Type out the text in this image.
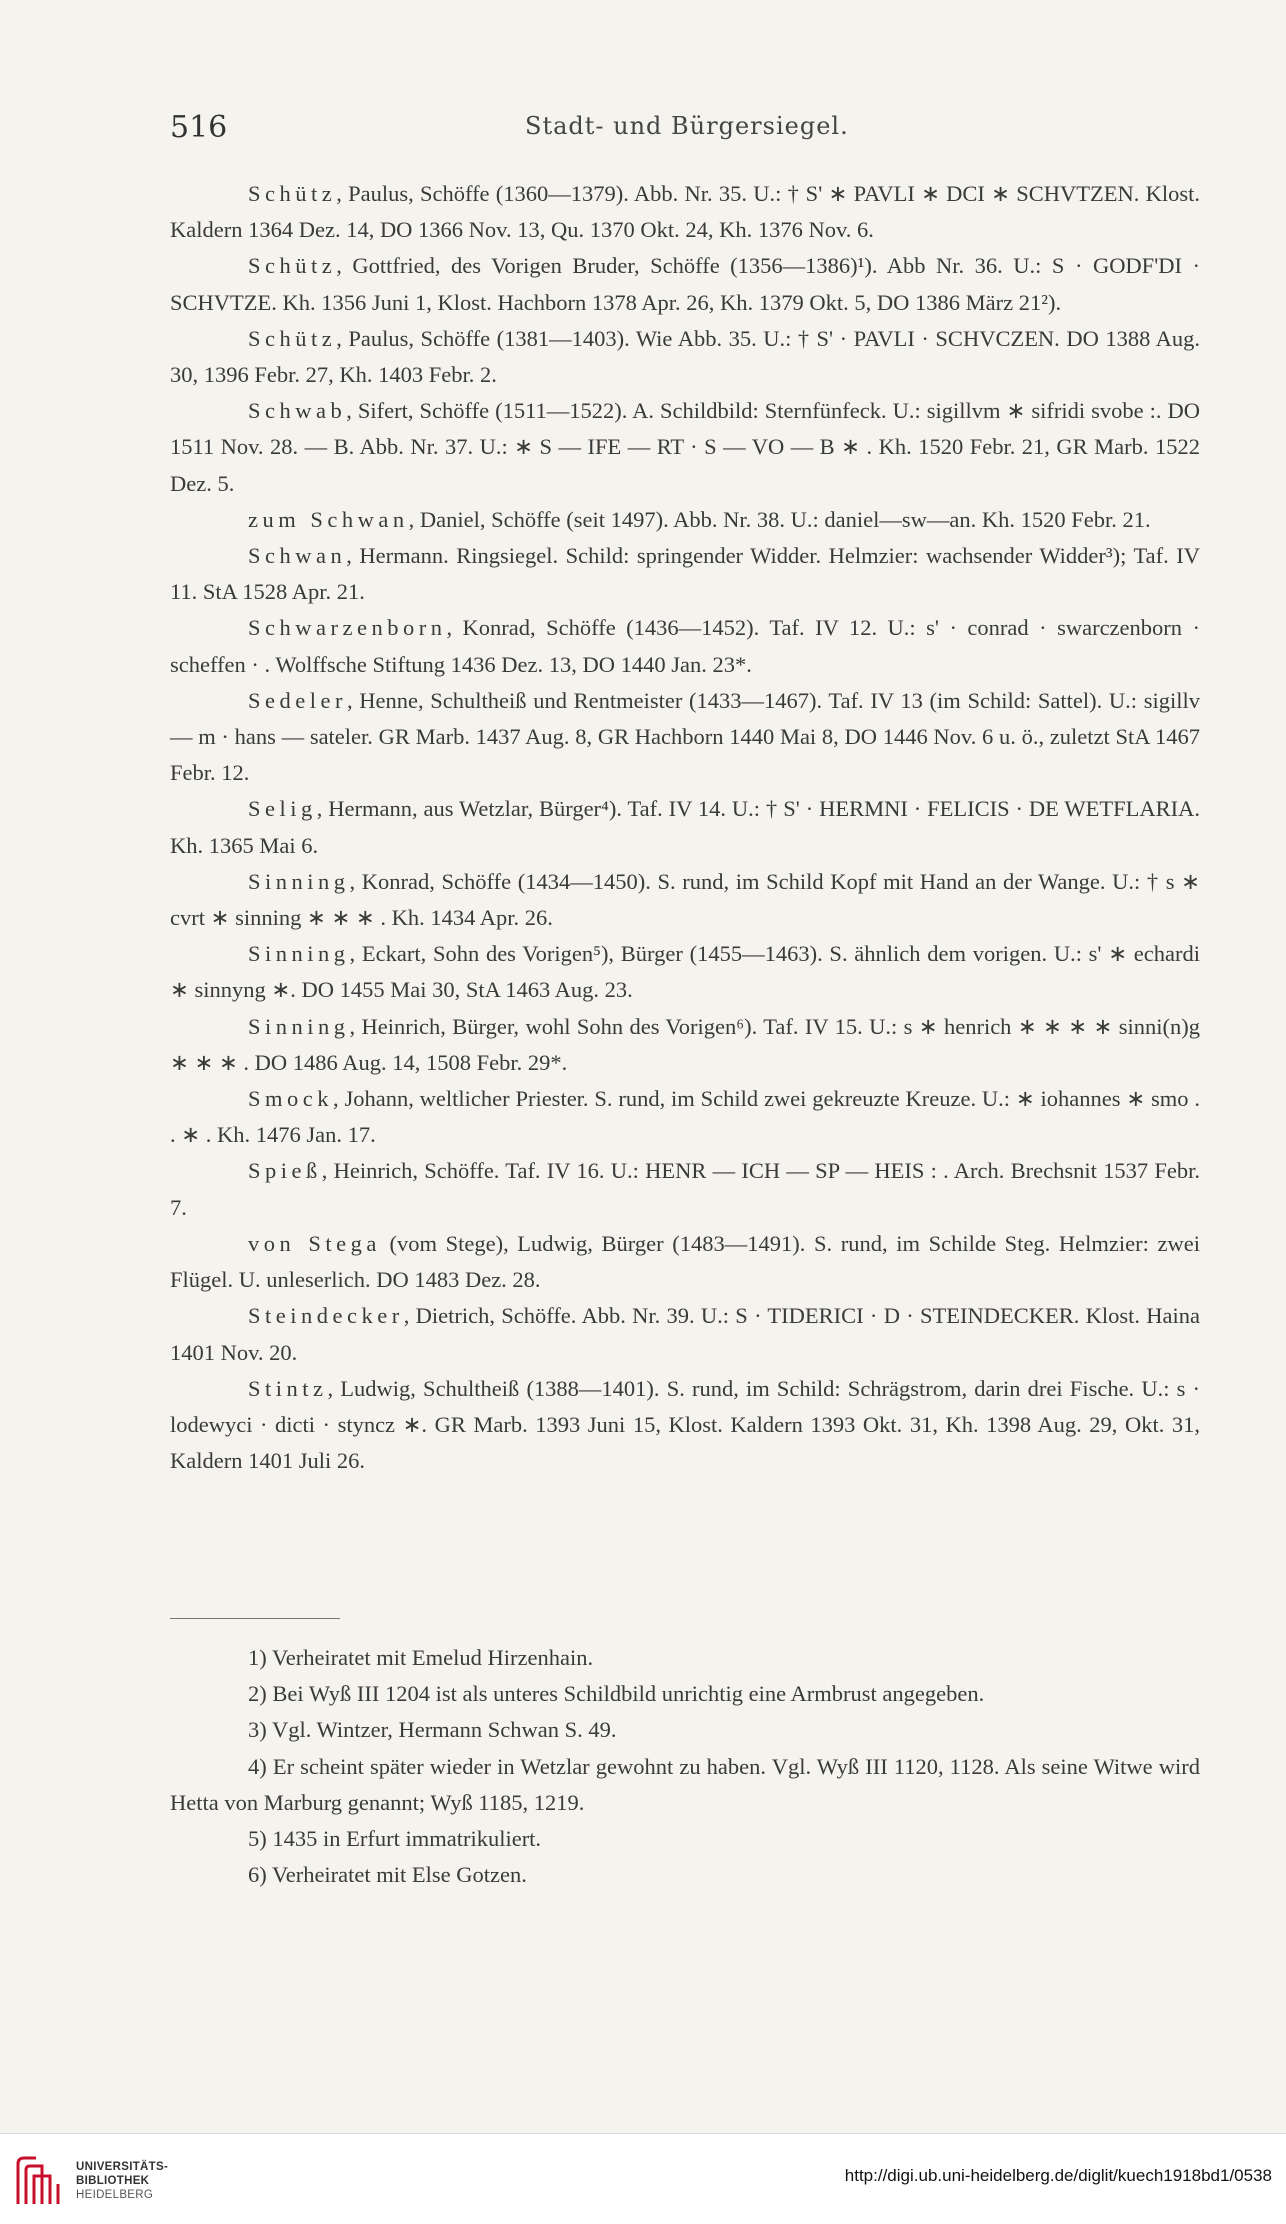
516	Stadt- und Bürgersiegel.

Schütz, Paulus, Schöffe (1360—1379). Abb. Nr. 35. U.: † S' ∗ PAVLI ∗ DCI ∗ SCHVTZEN. Klost. Kaldern 1364 Dez. 14, DO 1366 Nov. 13, Qu. 1370 Okt. 24, Kh. 1376 Nov. 6.

Schütz, Gottfried, des Vorigen Bruder, Schöffe (1356—1386)¹). Abb Nr. 36. U.: S · GODF'DI · SCHVTZE. Kh. 1356 Juni 1, Klost. Hachborn 1378 Apr. 26, Kh. 1379 Okt. 5, DO 1386 März 21²).

Schütz, Paulus, Schöffe (1381—1403). Wie Abb. 35. U.: † S' · PAVLI · SCHVCZEN. DO 1388 Aug. 30, 1396 Febr. 27, Kh. 1403 Febr. 2.

Schwab, Sifert, Schöffe (1511—1522). A. Schildbild: Sternfünfeck. U.: sigillvm ∗ sifridi svobe :. DO 1511 Nov. 28. — B. Abb. Nr. 37. U.: ∗ S — IFE — RT · S — VO — B ∗ . Kh. 1520 Febr. 21, GR Marb. 1522 Dez. 5.

zum Schwan, Daniel, Schöffe (seit 1497). Abb. Nr. 38. U.: daniel—sw—an. Kh. 1520 Febr. 21.

Schwan, Hermann. Ringsiegel. Schild: springender Widder. Helmzier: wachsender Widder³); Taf. IV 11. StA 1528 Apr. 21.

Schwarzenborn, Konrad, Schöffe (1436—1452). Taf. IV 12. U.: s' · conrad · swarczenborn · scheffen · . Wolffsche Stiftung 1436 Dez. 13, DO 1440 Jan. 23*.

Sedeler, Henne, Schultheiß und Rentmeister (1433—1467). Taf. IV 13 (im Schild: Sattel). U.: sigillv — m · hans — sateler. GR Marb. 1437 Aug. 8, GR Hachborn 1440 Mai 8, DO 1446 Nov. 6 u. ö., zuletzt StA 1467 Febr. 12.

Selig, Hermann, aus Wetzlar, Bürger⁴). Taf. IV 14. U.: † S' · HERMNI · FELICIS · DE WETFLARIA. Kh. 1365 Mai 6.

Sinning, Konrad, Schöffe (1434—1450). S. rund, im Schild Kopf mit Hand an der Wange. U.: † s ∗ cvrt ∗ sinning ∗ ∗ ∗ . Kh. 1434 Apr. 26.

Sinning, Eckart, Sohn des Vorigen⁵), Bürger (1455—1463). S. ähnlich dem vorigen. U.: s' ∗ echardi ∗ sinnyng ∗. DO 1455 Mai 30, StA 1463 Aug. 23.

Sinning, Heinrich, Bürger, wohl Sohn des Vorigen⁶). Taf. IV 15. U.: s ∗ henrich ∗ ∗ ∗ ∗ sinni(n)g ∗ ∗ ∗ . DO 1486 Aug. 14, 1508 Febr. 29*.

Smock, Johann, weltlicher Priester. S. rund, im Schild zwei gekreuzte Kreuze. U.: ∗ iohannes ∗ smo . . ∗ . Kh. 1476 Jan. 17.

Spieß, Heinrich, Schöffe. Taf. IV 16. U.: HENR — ICH — SP — HEIS : . Arch. Brechsnit 1537 Febr. 7.

von Stega (vom Stege), Ludwig, Bürger (1483—1491). S. rund, im Schilde Steg. Helmzier: zwei Flügel. U. unleserlich. DO 1483 Dez. 28.

Steindecker, Dietrich, Schöffe. Abb. Nr. 39. U.: S · TIDERICI · D · STEINDECKER. Klost. Haina 1401 Nov. 20.

Stintz, Ludwig, Schultheiß (1388—1401). S. rund, im Schild: Schrägstrom, darin drei Fische. U.: s · lodewyci · dicti · styncz ∗. GR Marb. 1393 Juni 15, Klost. Kaldern 1393 Okt. 31, Kh. 1398 Aug. 29, Okt. 31, Kaldern 1401 Juli 26.

1) Verheiratet mit Emelud Hirzenhain.

2) Bei Wyß III 1204 ist als unteres Schildbild unrichtig eine Armbrust angegeben.

3) Vgl. Wintzer, Hermann Schwan S. 49.

4) Er scheint später wieder in Wetzlar gewohnt zu haben. Vgl. Wyß III 1120, 1128. Als seine Witwe wird Hetta von Marburg genannt; Wyß 1185, 1219.

5) 1435 in Erfurt immatrikuliert.

6) Verheiratet mit Else Gotzen.

UNIVERSITÄTS-
BIBLIOTHEK
HEIDELBERG
http://digi.ub.uni-heidelberg.de/diglit/kuech1918bd1/0538
